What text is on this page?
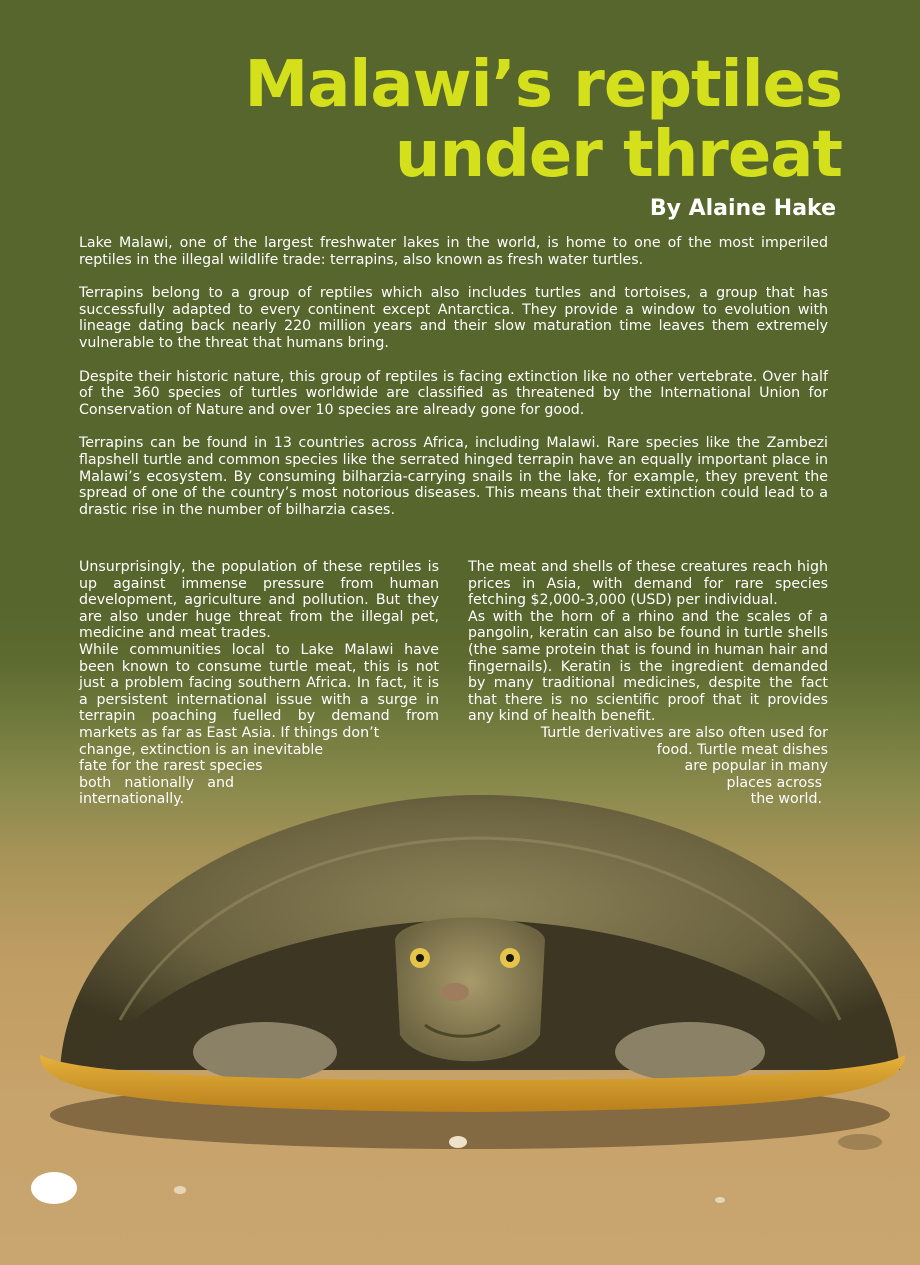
Malawi’s reptiles
under threat

By Alaine Hake

Lake Malawi, one of the largest freshwater lakes in the world, is home to one of the most imperiled reptiles in the illegal wildlife trade: terrapins, also known as fresh water turtles.

Terrapins belong to a group of reptiles which also includes turtles and tortoises, a group that has successfully adapted to every continent except Antarctica. They provide a window to evolution with lineage dating back nearly 220 million years and their slow maturation time leaves them extremely vulnerable to the threat that humans bring.

Despite their historic nature, this group of reptiles is facing extinction like no other vertebrate. Over half of the 360 species of turtles worldwide are classified as threatened by the International Union for Conservation of Nature and over 10 species are already gone for good.

Terrapins can be found in 13 countries across Africa, including Malawi. Rare species like the Zambezi flapshell turtle and common species like the serrated hinged terrapin have an equally important place in Malawi’s ecosystem. By consuming bilharzia-carrying snails in the lake, for example, they prevent the spread of one of the country’s most notorious diseases. This means that their extinction could lead to a drastic rise in the number of bilharzia cases.

Unsurprisingly, the population of these reptiles is up against immense pressure from human development, agriculture and pollution. But they are also under huge threat from the illegal pet, medicine and meat trades.

While communities local to Lake Malawi have been known to consume turtle meat, this is not just a problem facing southern Africa. In fact, it is a persistent international issue with a surge in terrapin poaching fuelled by demand from markets as far as East Asia. If things don’t

change, extinction is an inevitable
fate for the rarest species
both nationally and
internationally.

The meat and shells of these creatures reach high prices in Asia, with demand for rare species fetching $2,000-3,000 (USD) per individual.

As with the horn of a rhino and the scales of a pangolin, keratin can also be found in turtle shells (the same protein that is found in human hair and fingernails). Keratin is the ingredient demanded by many traditional medicines, despite the fact that there is no scientific proof that it provides any kind of health benefit.

Turtle derivatives are also often used for
food. Turtle meat dishes
are popular in many
places across
the world.
